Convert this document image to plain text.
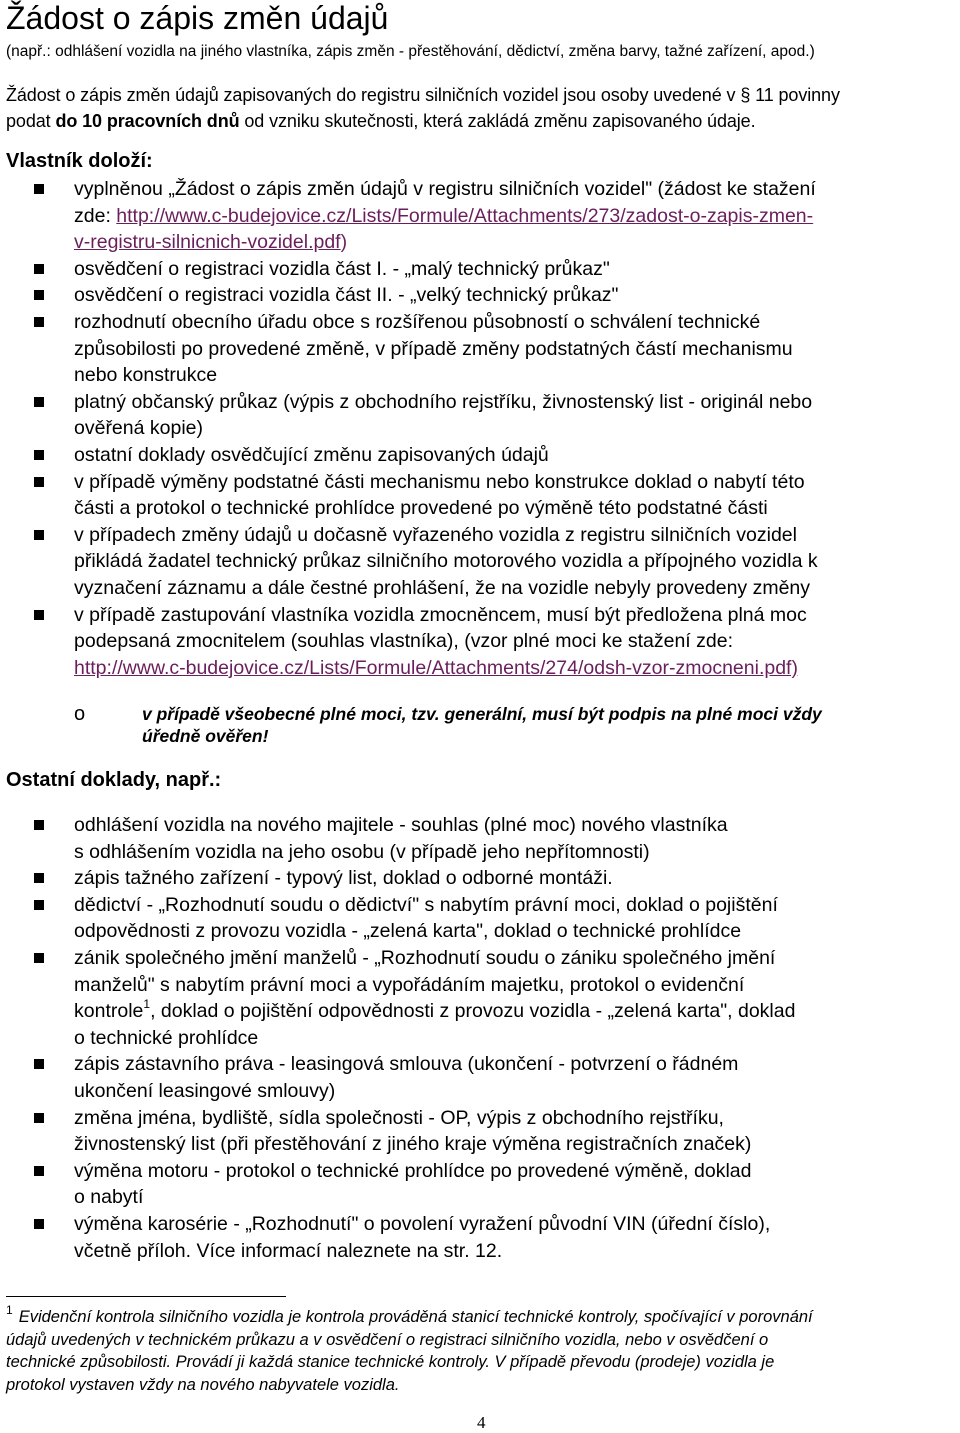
Žádost o zápis změn údajů
(např.: odhlášení vozidla na jiného vlastníka, zápis změn - přestěhování, dědictví, změna barvy, tažné zařízení, apod.)
Žádost o zápis změn údajů zapisovaných do registru silničních vozidel jsou osoby uvedené v § 11 povinny
podat do 10 pracovních dnů od vzniku skutečnosti, která zakládá změnu zapisovaného údaje.
Vlastník doloží:
vyplněnou „Žádost o zápis změn údajů v registru silničních vozidel" (žádost ke stažení
zde: http://www.c-budejovice.cz/Lists/Formule/Attachments/273/zadost-o-zapis-zmen-
v-registru-silnicnich-vozidel.pdf)
osvědčení o registraci vozidla část I. - „malý technický průkaz"
osvědčení o registraci vozidla část II. - „velký technický průkaz"
rozhodnutí obecního úřadu obce s rozšířenou působností o schválení technické
způsobilosti po provedené změně, v případě změny podstatných částí mechanismu
nebo konstrukce
platný občanský průkaz (výpis z obchodního rejstříku, živnostenský list - originál nebo
ověřená kopie)
ostatní doklady osvědčující změnu zapisovaných údajů
v případě výměny podstatné části mechanismu nebo konstrukce doklad o nabytí této
části a protokol o technické prohlídce provedené po výměně této podstatné části
v případech změny údajů u dočasně vyřazeného vozidla z registru silničních vozidel
přikládá žadatel technický průkaz silničního motorového vozidla a přípojného vozidla k
vyznačení záznamu a dále čestné prohlášení, že na vozidle nebyly provedeny změny
v případě zastupování vlastníka vozidla zmocněncem, musí být předložena plná moc
podepsaná zmocnitelem (souhlas vlastníka), (vzor plné moci ke stažení zde:
http://www.c-budejovice.cz/Lists/Formule/Attachments/274/odsh-vzor-zmocneni.pdf)
o	v případě všeobecné plné moci, tzv. generální, musí být podpis na plné moci vždy
úředně ověřen!
Ostatní doklady, např.:
odhlášení vozidla na nového majitele - souhlas (plné moc) nového vlastníka
s odhlášením vozidla na jeho osobu (v případě jeho nepřítomnosti)
zápis tažného zařízení - typový list, doklad o odborné montáži.
dědictví - „Rozhodnutí soudu o dědictví" s nabytím právní moci, doklad o pojištění
odpovědnosti z provozu vozidla - „zelená karta", doklad o technické prohlídce
zánik společného jmění manželů - „Rozhodnutí soudu o zániku společného jmění
manželů" s nabytím právní moci a vypořádáním majetku, protokol o evidenční
kontrole$^1$, doklad o pojištění odpovědnosti z provozu vozidla - „zelená karta", doklad
o technické prohlídce
zápis zástavního práva - leasingová smlouva (ukončení - potvrzení o řádném
ukončení leasingové smlouvy)
změna jména, bydliště, sídla společnosti - OP, výpis z obchodního rejstříku,
živnostenský list (při přestěhování z jiného kraje výměna registračních značek)
výměna motoru - protokol o technické prohlídce po provedené výměně, doklad
o nabytí
výměna karosérie - „Rozhodnutí" o povolení vyražení původní VIN (úřední číslo),
včetně příloh. Více informací naleznete na str. 12.
$^1$ Evidenční kontrola silničního vozidla je kontrola prováděná stanicí technické kontroly, spočívající v porovnání
údajů uvedených v technickém průkazu a v osvědčení o registraci silničního vozidla, nebo v osvědčení o
technické způsobilosti. Provádí ji každá stanice technické kontroly. V případě převodu (prodeje) vozidla je
protokol vystaven vždy na nového nabyvatele vozidla.
4
